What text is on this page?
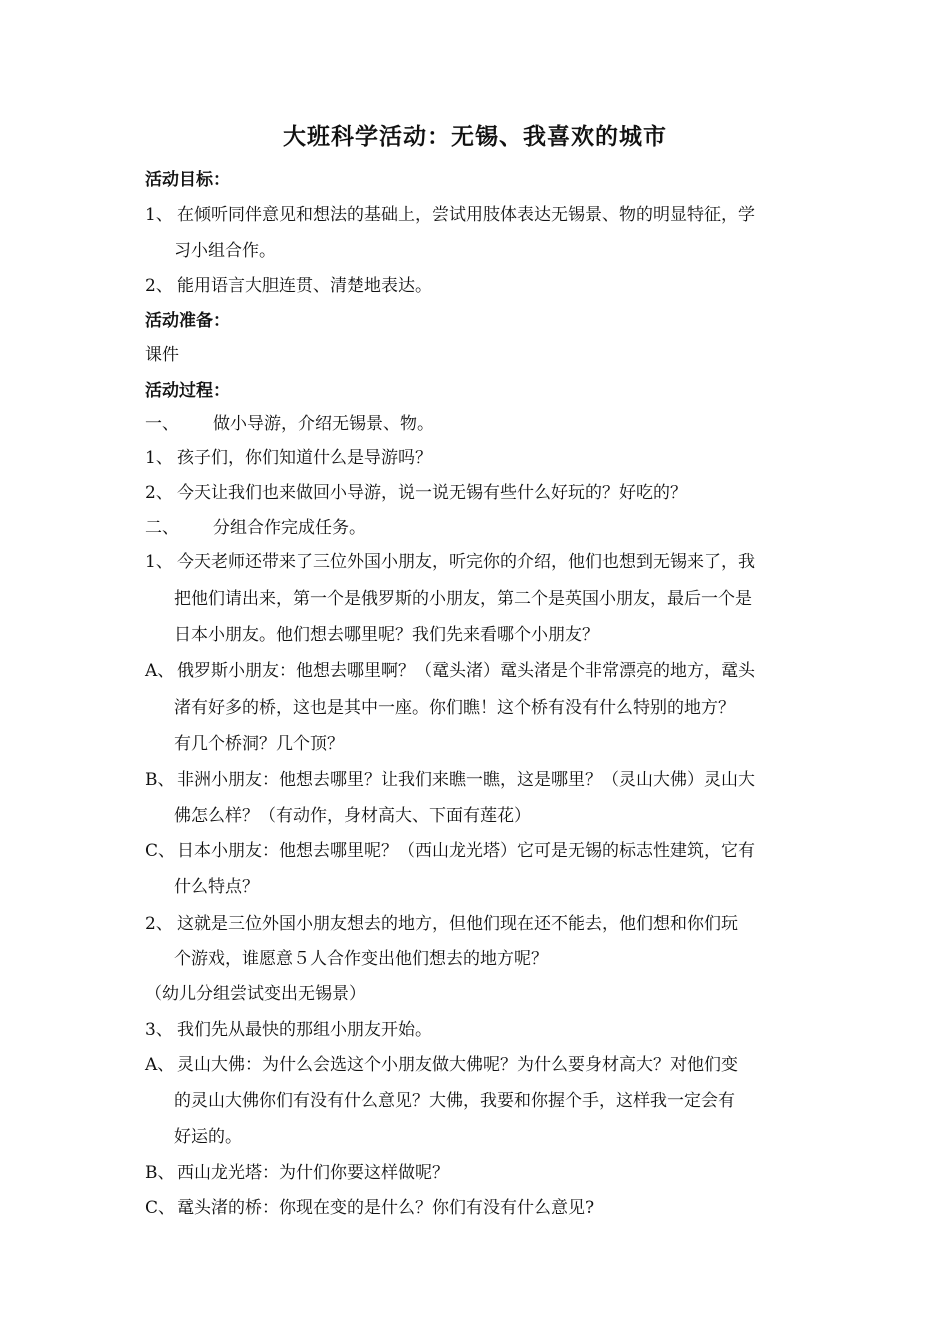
大班科学活动：无锡、我喜欢的城市
活动目标：
1、 在倾听同伴意见和想法的基础上，尝试用肢体表达无锡景、物的明显特征，学
习小组合作。
2、 能用语言大胆连贯、清楚地表达。
活动准备：
课件
活动过程：
一、 做小导游，介绍无锡景、物。
1、 孩子们，你们知道什么是导游吗？
2、 今天让我们也来做回小导游，说一说无锡有些什么好玩的？好吃的？
二、 分组合作完成任务。
1、 今天老师还带来了三位外国小朋友，听完你的介绍，他们也想到无锡来了，我
把他们请出来，第一个是俄罗斯的小朋友，第二个是英国小朋友，最后一个是
日本小朋友。他们想去哪里呢？我们先来看哪个小朋友？
A、 俄罗斯小朋友：他想去哪里啊？（鼋头渚）鼋头渚是个非常漂亮的地方，鼋头
渚有好多的桥，这也是其中一座。你们瞧！这个桥有没有什么特别的地方？
有几个桥洞？几个顶？
B、 非洲小朋友：他想去哪里？让我们来瞧一瞧，这是哪里？（灵山大佛）灵山大
佛怎么样？（有动作，身材高大、下面有莲花）
C、 日本小朋友：他想去哪里呢？（西山龙光塔）它可是无锡的标志性建筑，它有
什么特点？
2、 这就是三位外国小朋友想去的地方，但他们现在还不能去，他们想和你们玩
个游戏，谁愿意５人合作变出他们想去的地方呢？
（幼儿分组尝试变出无锡景）
3、 我们先从最快的那组小朋友开始。
A、 灵山大佛：为什么会选这个小朋友做大佛呢？为什么要身材高大？对他们变
的灵山大佛你们有没有什么意见？大佛，我要和你握个手，这样我一定会有
好运的。
B、 西山龙光塔：为什们你要这样做呢？
C、 鼋头渚的桥：你现在变的是什么？你们有没有什么意见?
